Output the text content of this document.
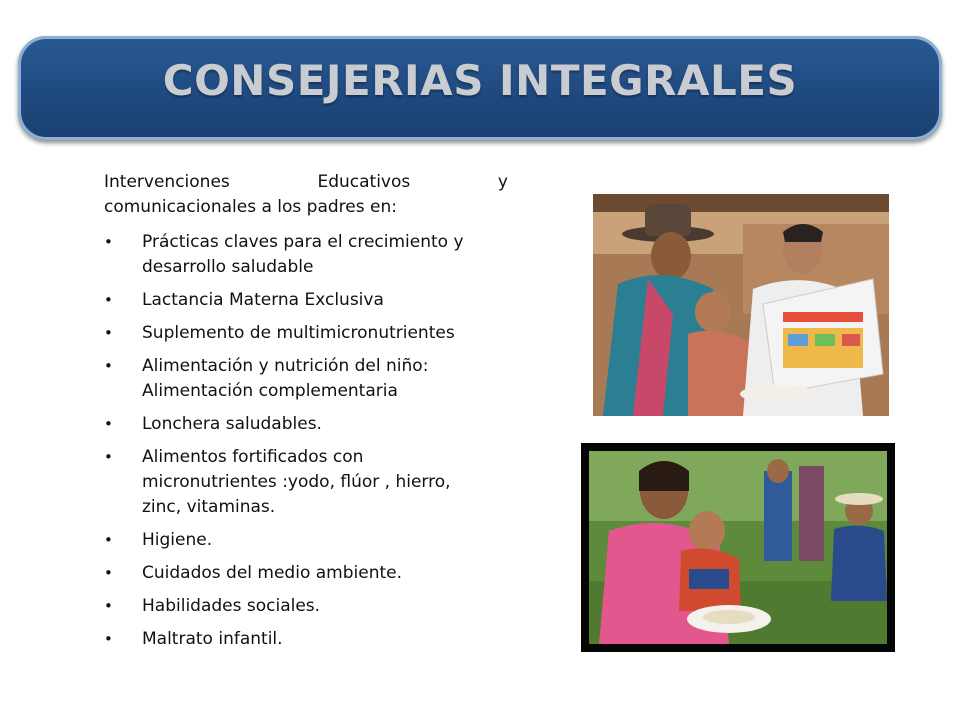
CONSEJERIAS INTEGRALES
Intervenciones	Educativos	y
comunicacionales a los padres en:
• Prácticas claves para el crecimiento y
desarrollo saludable
• Lactancia Materna Exclusiva
• Suplemento de multimicronutrientes
• Alimentación y nutrición del niño:
Alimentación complementaria
• Lonchera saludables.
• Alimentos fortificados con
micronutrientes :yodo, flúor , hierro,
zinc, vitaminas.
• Higiene.
• Cuidados del medio ambiente.
• Habilidades sociales.
• Maltrato infantil.
